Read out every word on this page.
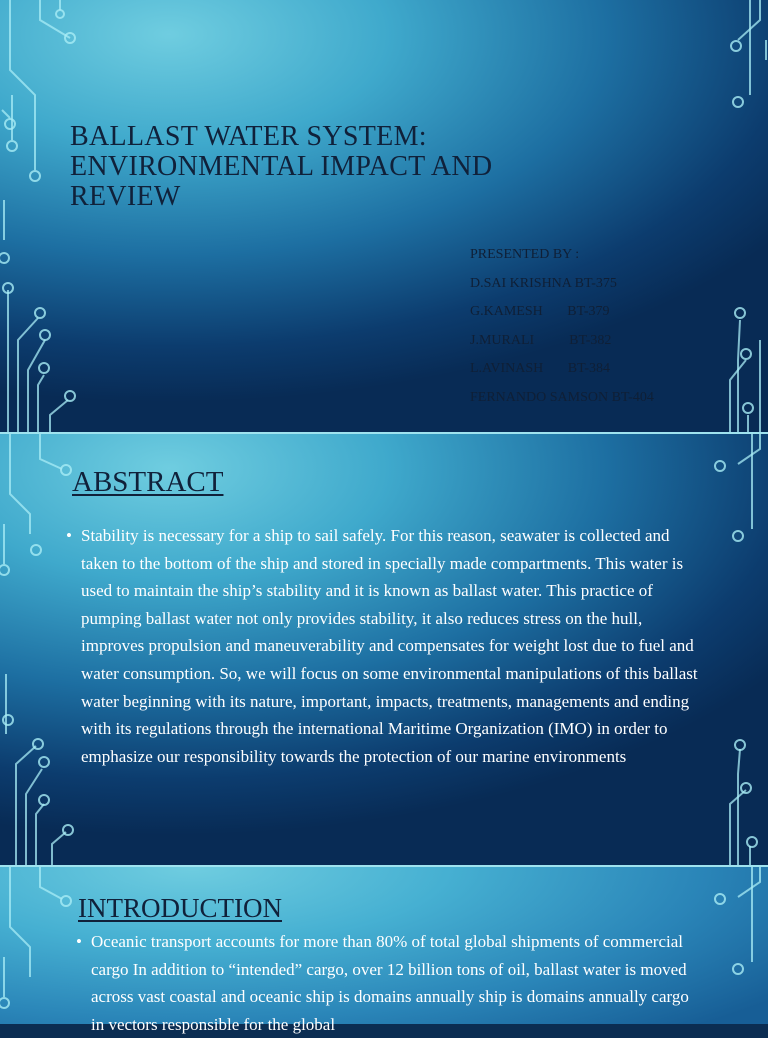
BALLAST WATER SYSTEM: ENVIRONMENTAL IMPACT AND REVIEW
PRESENTED BY :
D.SAI KRISHNA BT-375
G.KAMESH       BT-379
J.MURALI          BT-382
L.AVINASH       BT-384
FERNANDO SAMSON BT-404
ABSTRACT
• Stability is necessary for a ship to sail safely. For this reason, seawater is collected and taken to the bottom of the ship and stored in specially made compartments. This water is used to maintain the ship’s stability and it is known as ballast water. This practice of pumping ballast water not only provides stability, it also reduces stress on the hull, improves propulsion and maneuverability and compensates for weight lost due to fuel and water consumption. So, we will focus on some environmental manipulations of this ballast water beginning with its nature, important, impacts, treatments, managements and ending with its regulations through the international Maritime Organization (IMO) in order to emphasize our responsibility towards the protection of our marine environments
INTRODUCTION
• Oceanic transport accounts for more than 80% of total global shipments of commercial cargo In addition to “intended” cargo, over 12 billion tons of oil, ballast water is moved across vast coastal and oceanic ship is domains annually ship is domains annually cargo in vectors responsible for the global
